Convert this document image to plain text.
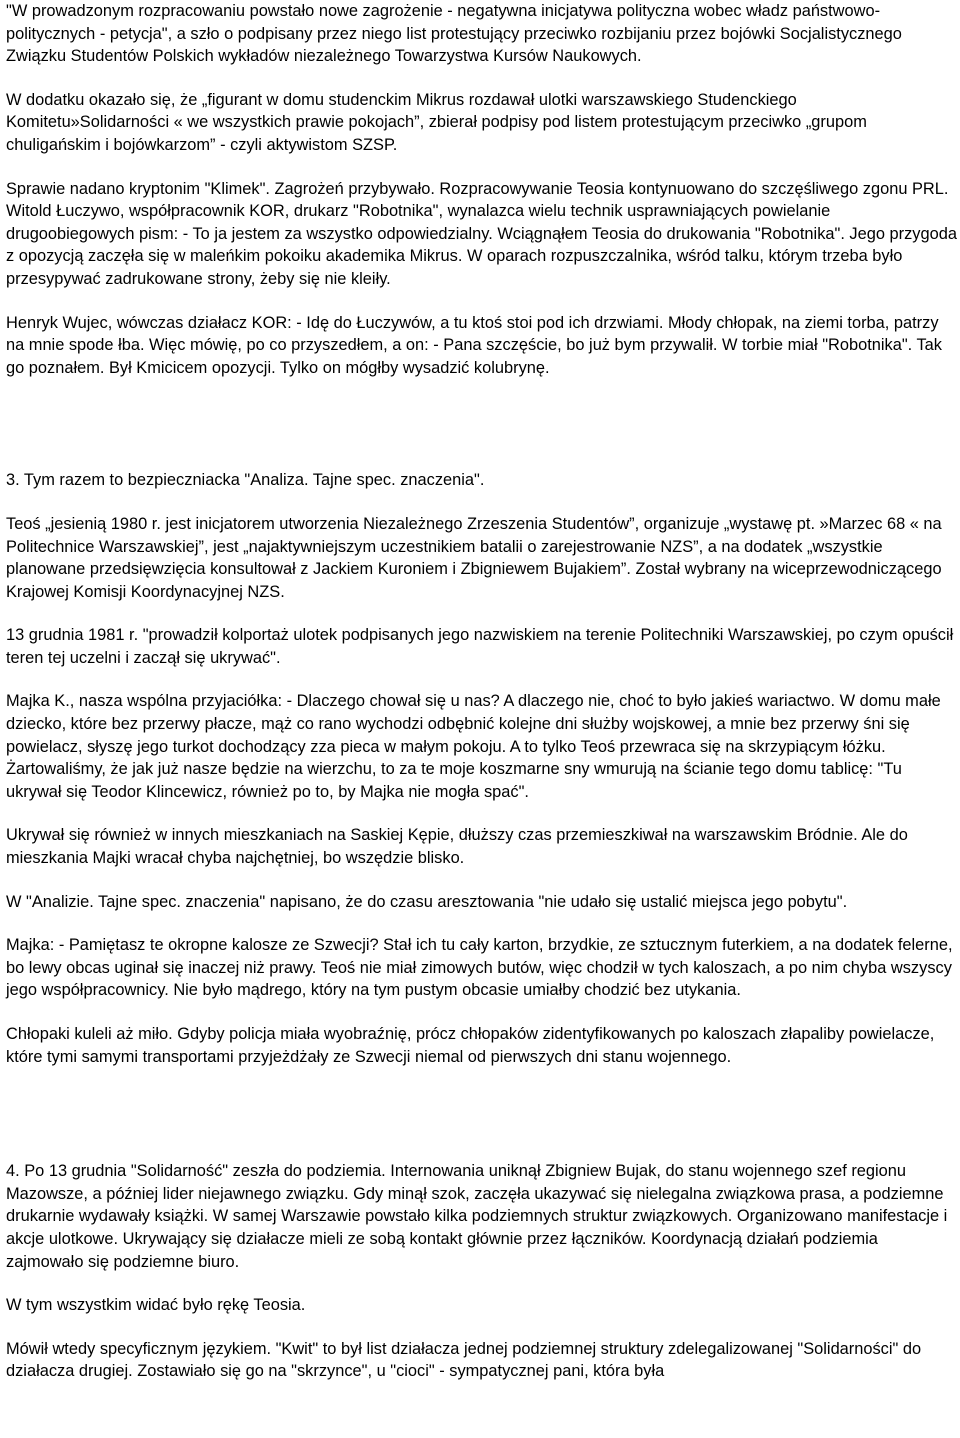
"W prowadzonym rozpracowaniu powstało nowe zagrożenie - negatywna inicjatywa polityczna wobec władz państwowo-politycznych - petycja", a szło o podpisany przez niego list protestujący przeciwko rozbijaniu przez bojówki Socjalistycznego Związku Studentów Polskich wykładów niezależnego Towarzystwa Kursów Naukowych.

W dodatku okazało się, że „figurant w domu studenckim Mikrus rozdawał ulotki warszawskiego Studenckiego Komitetu»Solidarności « we wszystkich prawie pokojach”, zbierał podpisy pod listem protestującym przeciwko „grupom chuligańskim i bojówkarzom” - czyli aktywistom SZSP.

Sprawie nadano kryptonim "Klimek". Zagrożeń przybywało. Rozpracowywanie Teosia kontynuowano do szczęśliwego zgonu PRL.

Witold Łuczywo, współpracownik KOR, drukarz "Robotnika", wynalazca wielu technik usprawniających powielanie drugoobiegowych pism: - To ja jestem za wszystko odpowiedzialny. Wciągnąłem Teosia do drukowania "Robotnika". Jego przygoda z opozycją zaczęła się w maleńkim pokoiku akademika Mikrus. W oparach rozpuszczalnika, wśród talku, którym trzeba było przesypywać zadrukowane strony, żeby się nie kleiły.

Henryk Wujec, wówczas działacz KOR: - Idę do Łuczywów, a tu ktoś stoi pod ich drzwiami. Młody chłopak, na ziemi torba, patrzy na mnie spode łba. Więc mówię, po co przyszedłem, a on: - Pana szczęście, bo już bym przywalił. W torbie miał "Robotnika". Tak go poznałem. Był Kmicicem opozycji. Tylko on mógłby wysadzić kolubrynę.

3. Tym razem to bezpieczniacka "Analiza. Tajne spec. znaczenia".

Teoś „jesienią 1980 r. jest inicjatorem utworzenia Niezależnego Zrzeszenia Studentów”, organizuje „wystawę pt. »Marzec 68 « na Politechnice Warszawskiej”, jest „najaktywniejszym uczestnikiem batalii o zarejestrowanie NZS”, a na dodatek „wszystkie planowane przedsięwzięcia konsultował z Jackiem Kuroniem i Zbigniewem Bujakiem”. Został wybrany na wiceprzewodniczącego Krajowej Komisji Koordynacyjnej NZS.

13 grudnia 1981 r. "prowadził kolportaż ulotek podpisanych jego nazwiskiem na terenie Politechniki Warszawskiej, po czym opuścił teren tej uczelni i zaczął się ukrywać".

Majka K., nasza wspólna przyjaciółka: - Dlaczego chował się u nas? A dlaczego nie, choć to było jakieś wariactwo. W domu małe dziecko, które bez przerwy płacze, mąż co rano wychodzi odbębnić kolejne dni służby wojskowej, a mnie bez przerwy śni się powielacz, słyszę jego turkot dochodzący zza pieca w małym pokoju. A to tylko Teoś przewraca się na skrzypiącym łóżku. Żartowaliśmy, że jak już nasze będzie na wierzchu, to za te moje koszmarne sny wmurują na ścianie tego domu tablicę: "Tu ukrywał się Teodor Klincewicz, również po to, by Majka nie mogła spać".

Ukrywał się również w innych mieszkaniach na Saskiej Kępie, dłuższy czas przemieszkiwał na warszawskim Bródnie. Ale do mieszkania Majki wracał chyba najchętniej, bo wszędzie blisko.

W "Analizie. Tajne spec. znaczenia" napisano, że do czasu aresztowania "nie udało się ustalić miejsca jego pobytu".

Majka: - Pamiętasz te okropne kalosze ze Szwecji? Stał ich tu cały karton, brzydkie, ze sztucznym futerkiem, a na dodatek felerne, bo lewy obcas uginał się inaczej niż prawy. Teoś nie miał zimowych butów, więc chodził w tych kaloszach, a po nim chyba wszyscy jego współpracownicy. Nie było mądrego, który na tym pustym obcasie umiałby chodzić bez utykania.

Chłopaki kuleli aż miło. Gdyby policja miała wyobraźnię, prócz chłopaków zidentyfikowanych po kaloszach złapaliby powielacze, które tymi samymi transportami przyjeżdżały ze Szwecji niemal od pierwszych dni stanu wojennego.

4. Po 13 grudnia "Solidarność" zeszła do podziemia. Internowania uniknął Zbigniew Bujak, do stanu wojennego szef regionu Mazowsze, a później lider niejawnego związku. Gdy minął szok, zaczęła ukazywać się nielegalna związkowa prasa, a podziemne drukarnie wydawały książki. W samej Warszawie powstało kilka podziemnych struktur związkowych. Organizowano manifestacje i akcje ulotkowe. Ukrywający się działacze mieli ze sobą kontakt głównie przez łączników. Koordynacją działań podziemia zajmowało się podziemne biuro.

W tym wszystkim widać było rękę Teosia.

Mówił wtedy specyficznym językiem. "Kwit" to był list działacza jednej podziemnej struktury zdelegalizowanej "Solidarności" do działacza drugiej. Zostawiało się go na "skrzynce", u "cioci" - sympatycznej pani, która była
